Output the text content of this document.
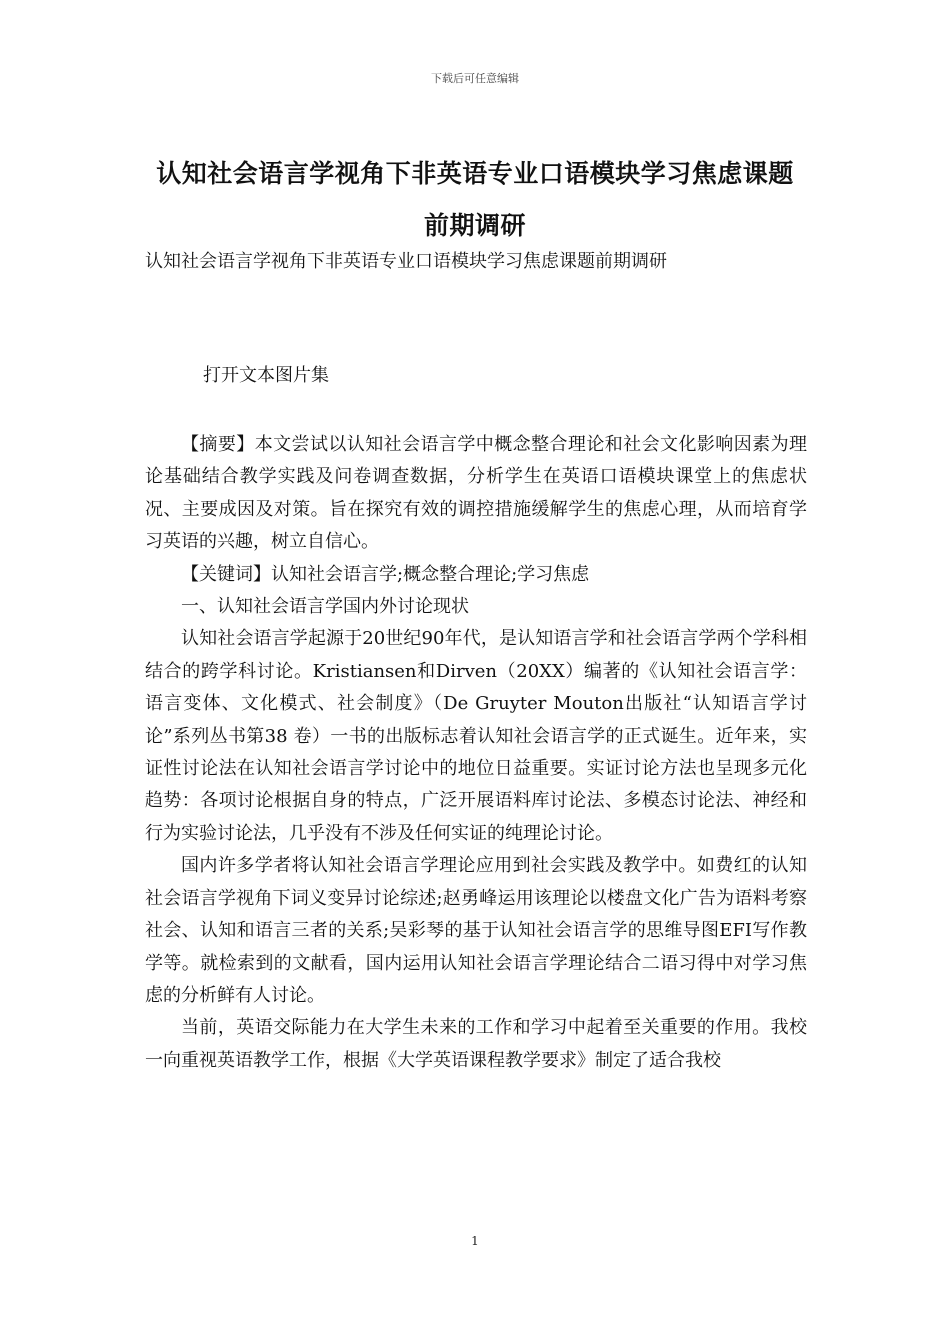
下载后可任意编辑
认知社会语言学视角下非英语专业口语模块学习焦虑课题前期调研
认知社会语言学视角下非英语专业口语模块学习焦虑课题前期调研
打开文本图片集

【摘要】本文尝试以认知社会语言学中概念整合理论和社会文化影响因素为理论基础结合教学实践及问卷调查数据，分析学生在英语口语模块课堂上的焦虑状况、主要成因及对策。旨在探究有效的调控措施缓解学生的焦虑心理，从而培育学习英语的兴趣，树立自信心。

【关键词】认知社会语言学;概念整合理论;学习焦虑

一、认知社会语言学国内外讨论现状

认知社会语言学起源于20世纪90年代，是认知语言学和社会语言学两个学科相结合的跨学科讨论。Kristiansen和Dirven（20XX）编著的《认知社会语言学：语言变体、文化模式、社会制度》（De Gruyter Mouton出版社“认知语言学讨论”系列丛书第38 卷）一书的出版标志着认知社会语言学的正式诞生。近年来，实证性讨论法在认知社会语言学讨论中的地位日益重要。实证讨论方法也呈现多元化趋势：各项讨论根据自身的特点，广泛开展语料库讨论法、多模态讨论法、神经和行为实验讨论法，几乎没有不涉及任何实证的纯理论讨论。

国内许多学者将认知社会语言学理论应用到社会实践及教学中。如费红的认知社会语言学视角下词义变异讨论综述;赵勇峰运用该理论以楼盘文化广告为语料考察社会、认知和语言三者的关系;吴彩琴的基于认知社会语言学的思维导图EFI写作教学等。就检索到的文献看，国内运用认知社会语言学理论结合二语习得中对学习焦虑的分析鲜有人讨论。

当前，英语交际能力在大学生未来的工作和学习中起着至关重要的作用。我校一向重视英语教学工作，根据《大学英语课程教学要求》制定了适合我校

1
